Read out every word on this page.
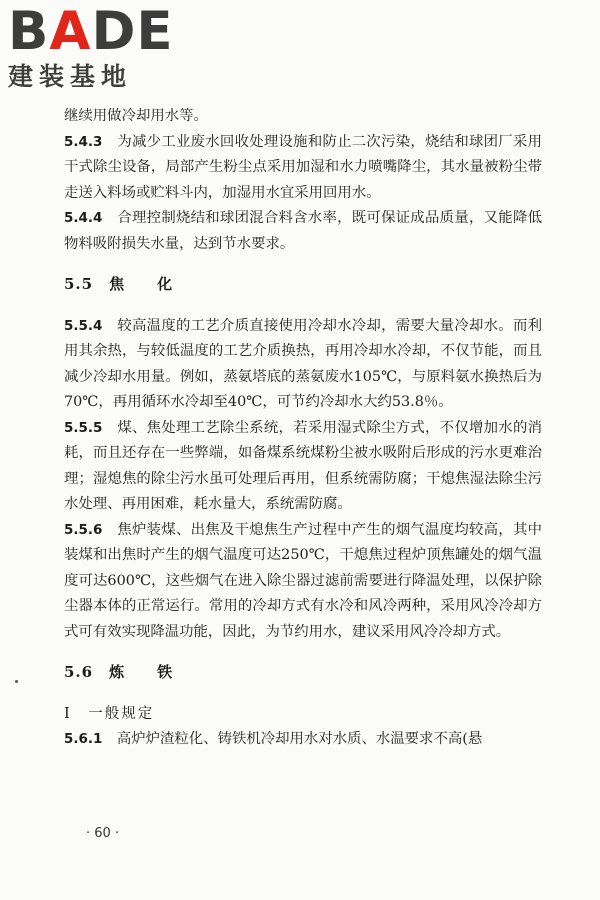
BADE
建装基地

继续用做冷却用水等。

5.4.3　 为减少工业废水回收处理设施和防止二次污染，烧结和球团厂采用干式除尘设备，局部产生粉尘点采用加湿和水力喷嘴降尘，其水量被粉尘带走送入料场或贮料斗内，加湿用水宜采用回用水。

5.4.4　 合理控制烧结和球团混合料含水率，既可保证成品质量，又能降低物料吸附损失水量，达到节水要求。

5.5　焦　　化

5.5.4　 较高温度的工艺介质直接使用冷却水冷却，需要大量冷却水。而利用其余热，与较低温度的工艺介质换热，再用冷却水冷却，不仅节能，而且减少冷却水用量。例如，蒸氨塔底的蒸氨废水105℃，与原料氨水换热后为70℃，再用循环水冷却至40℃，可节约冷却水大约53.8％。

5.5.5　 煤、焦处理工艺除尘系统，若采用湿式除尘方式，不仅增加水的消耗，而且还存在一些弊端，如备煤系统煤粉尘被水吸附后形成的污水更难治理；湿熄焦的除尘污水虽可处理后再用，但系统需防腐；干熄焦湿法除尘污水处理、再用困难，耗水量大，系统需防腐。

5.5.6　 焦炉装煤、出焦及干熄焦生产过程中产生的烟气温度均较高，其中装煤和出焦时产生的烟气温度可达250℃，干熄焦过程炉顶焦罐处的烟气温度可达600℃，这些烟气在进入除尘器过滤前需要进行降温处理，以保护除尘器本体的正常运行。常用的冷却方式有水冷和风冷两种，采用风冷冷却方式可有效实现降温功能，因此，为节约用水，建议采用风冷冷却方式。

5.6　炼　　铁

Ⅰ　一般规定

5.6.1　 高炉炉渣粒化、铸铁机冷却用水对水质、水温要求不高(悬

· 60 ·
